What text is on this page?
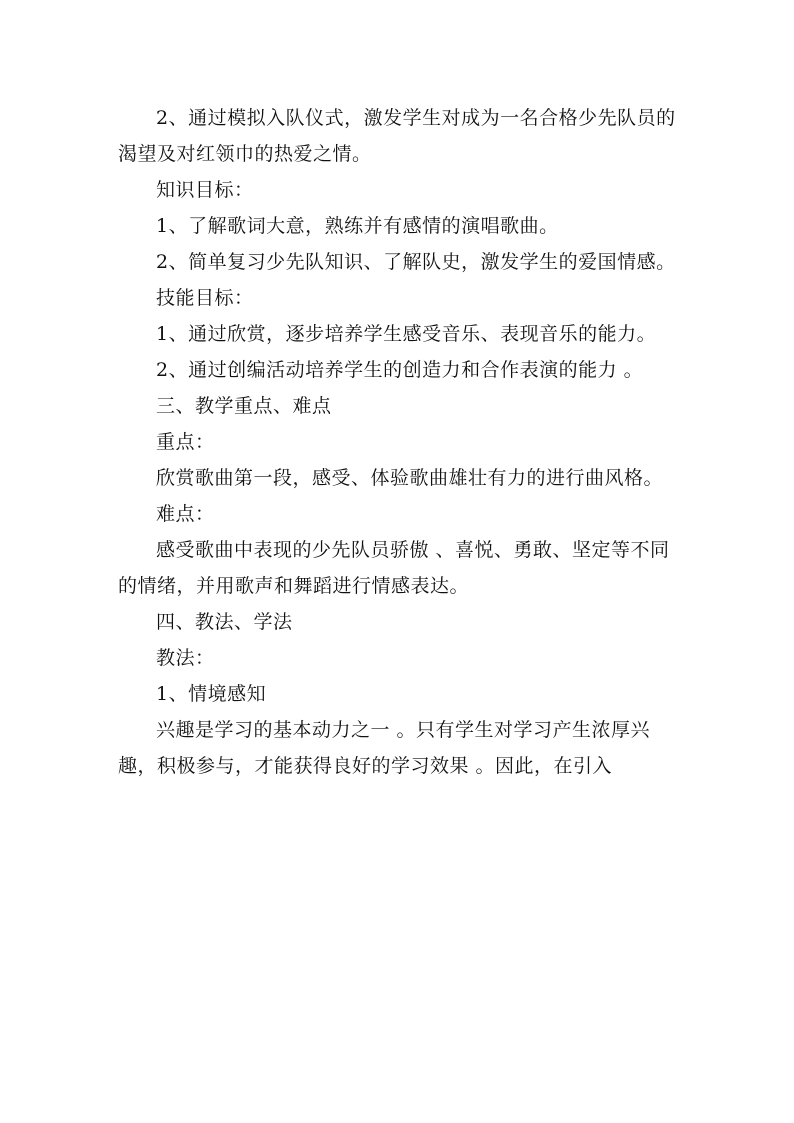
2、通过模拟入队仪式，激发学生对成为一名合格少先队员的渴望及对红领巾的热爱之情。

知识目标：

1、了解歌词大意，熟练并有感情的演唱歌曲。

2、简单复习少先队知识、了解队史，激发学生的爱国情感。

技能目标：

1、通过欣赏，逐步培养学生感受音乐、表现音乐的能力。

2、通过创编活动培养学生的创造力和合作表演的能力 。

三、教学重点、难点

重点：

欣赏歌曲第一段，感受、体验歌曲雄壮有力的进行曲风格。

难点：

感受歌曲中表现的少先队员骄傲 、喜悦、勇敢、坚定等不同的情绪，并用歌声和舞蹈进行情感表达。

四、教法、学法

教法：

1、情境感知

兴趣是学习的基本动力之一 。只有学生对学习产生浓厚兴趣，积极参与，才能获得良好的学习效果 。因此，在引入
